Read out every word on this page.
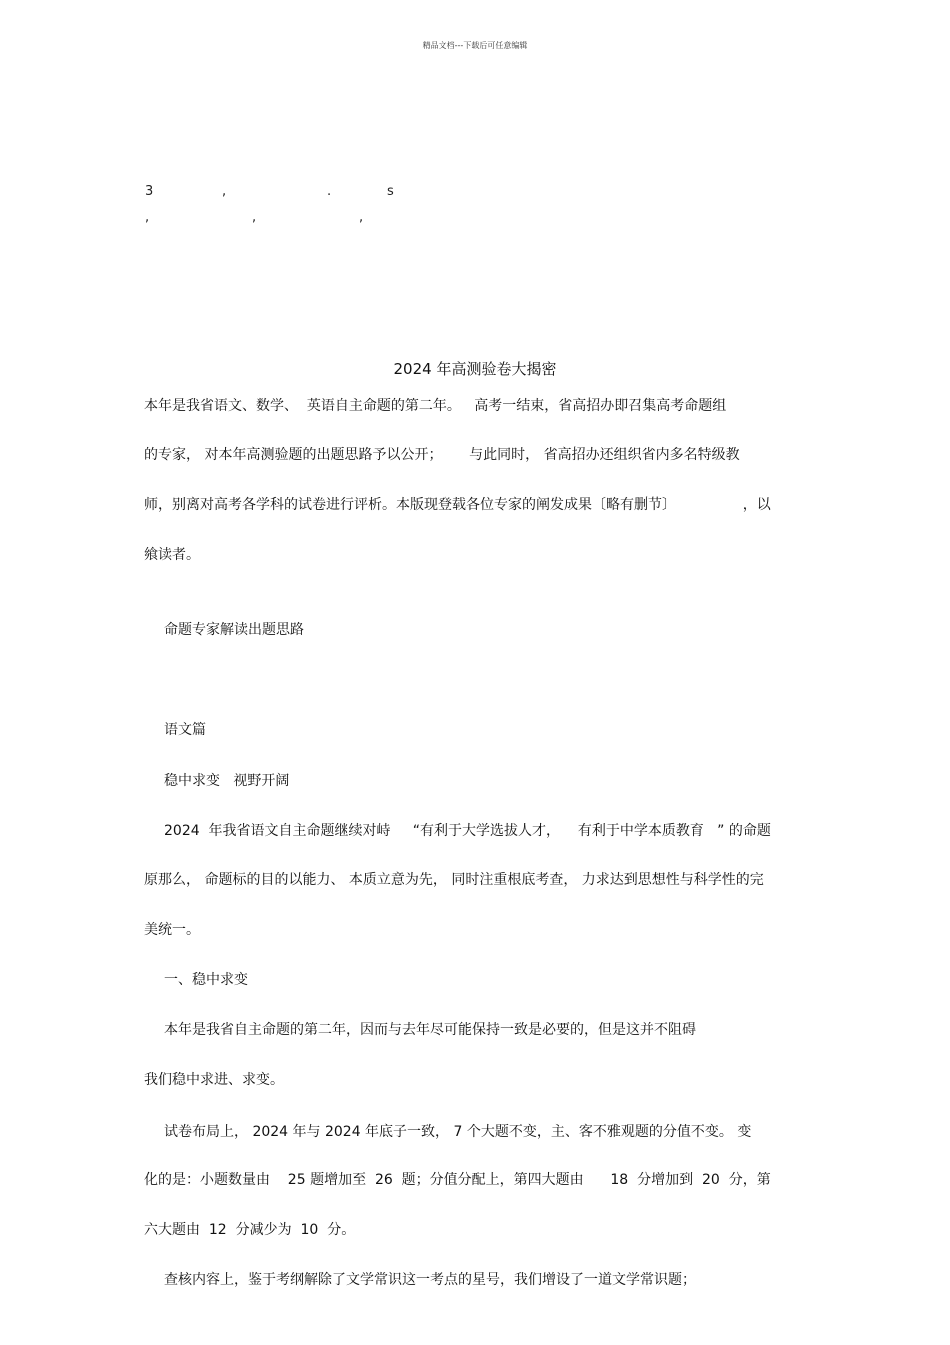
精品文档---下载后可任意编辑
3	,	.	s
,	,	,
2024 年高测验卷大揭密
本年是我省语文、数学、  英语自主命题的第二年。   高考一结束，省高招办即召集高考命题组
的专家， 对本年高测验题的出题思路予以公开；      与此同时， 省高招办还组织省内多名特级教
师，别离对高考各学科的试卷进行评析。本版现登载各位专家的阐发成果〔略有删节〕               ，以
飨读者。
命题专家解读出题思路
语文篇
稳中求变   视野开阔
2024  年我省语文自主命题继续对峙     “有利于大学选拔人才，    有利于中学本质教育   ” 的命题
原那么， 命题标的目的以能力、 本质立意为先， 同时注重根底考查， 力求达到思想性与科学性的完
美统一。
一、稳中求变
本年是我省自主命题的第二年，因而与去年尽可能保持一致是必要的，但是这并不阻碍
我们稳中求进、求变。
试卷布局上， 2024 年与 2024 年底子一致， 7 个大题不变，主、客不雅观题的分值不变。 变
化的是：小题数量由    25 题增加至  26  题；分值分配上，第四大题由      18  分增加到  20  分，第
六大题由  12  分减少为  10  分。
查核内容上，鉴于考纲解除了文学常识这一考点的星号，我们增设了一道文学常识题；
